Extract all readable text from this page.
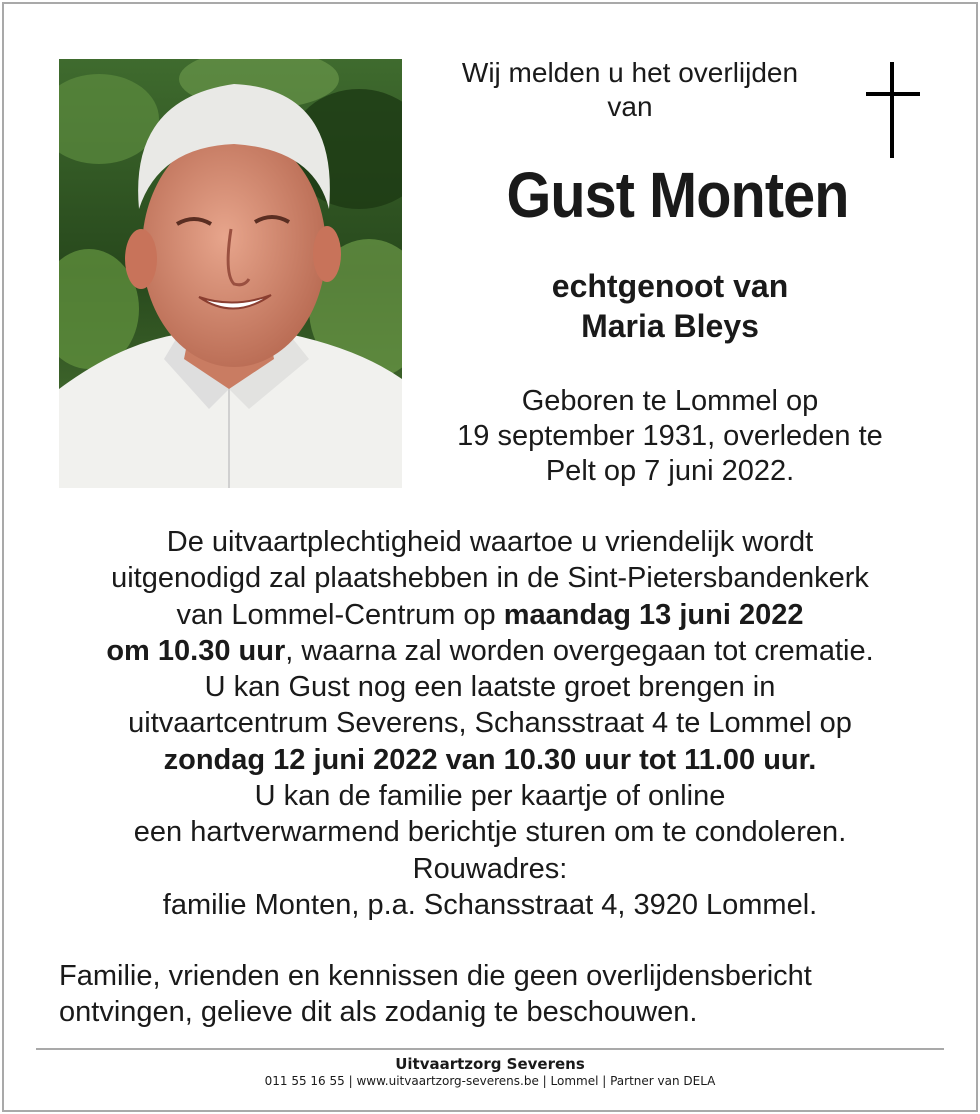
Wij melden u het overlijden
van
Gust Monten
echtgenoot van
Maria Bleys
Geboren te Lommel op
19 september 1931, overleden te
Pelt op 7 juni 2022.
De uitvaartplechtigheid waartoe u vriendelijk wordt
uitgenodigd zal plaatshebben in de Sint-Pietersbandenkerk
van Lommel-Centrum op maandag 13 juni 2022
om 10.30 uur, waarna zal worden overgegaan tot crematie.
U kan Gust nog een laatste groet brengen in
uitvaartcentrum Severens, Schansstraat 4 te Lommel op
zondag 12 juni 2022 van 10.30 uur tot 11.00 uur.
U kan de familie per kaartje of online
een hartverwarmend berichtje sturen om te condoleren.
Rouwadres:
familie Monten, p.a. Schansstraat 4, 3920 Lommel.
Familie, vrienden en kennissen die geen overlijdensbericht
ontvingen, gelieve dit als zodanig te beschouwen.
Uitvaartzorg Severens
011 55 16 55 | www.uitvaartzorg-severens.be | Lommel | Partner van DELA
